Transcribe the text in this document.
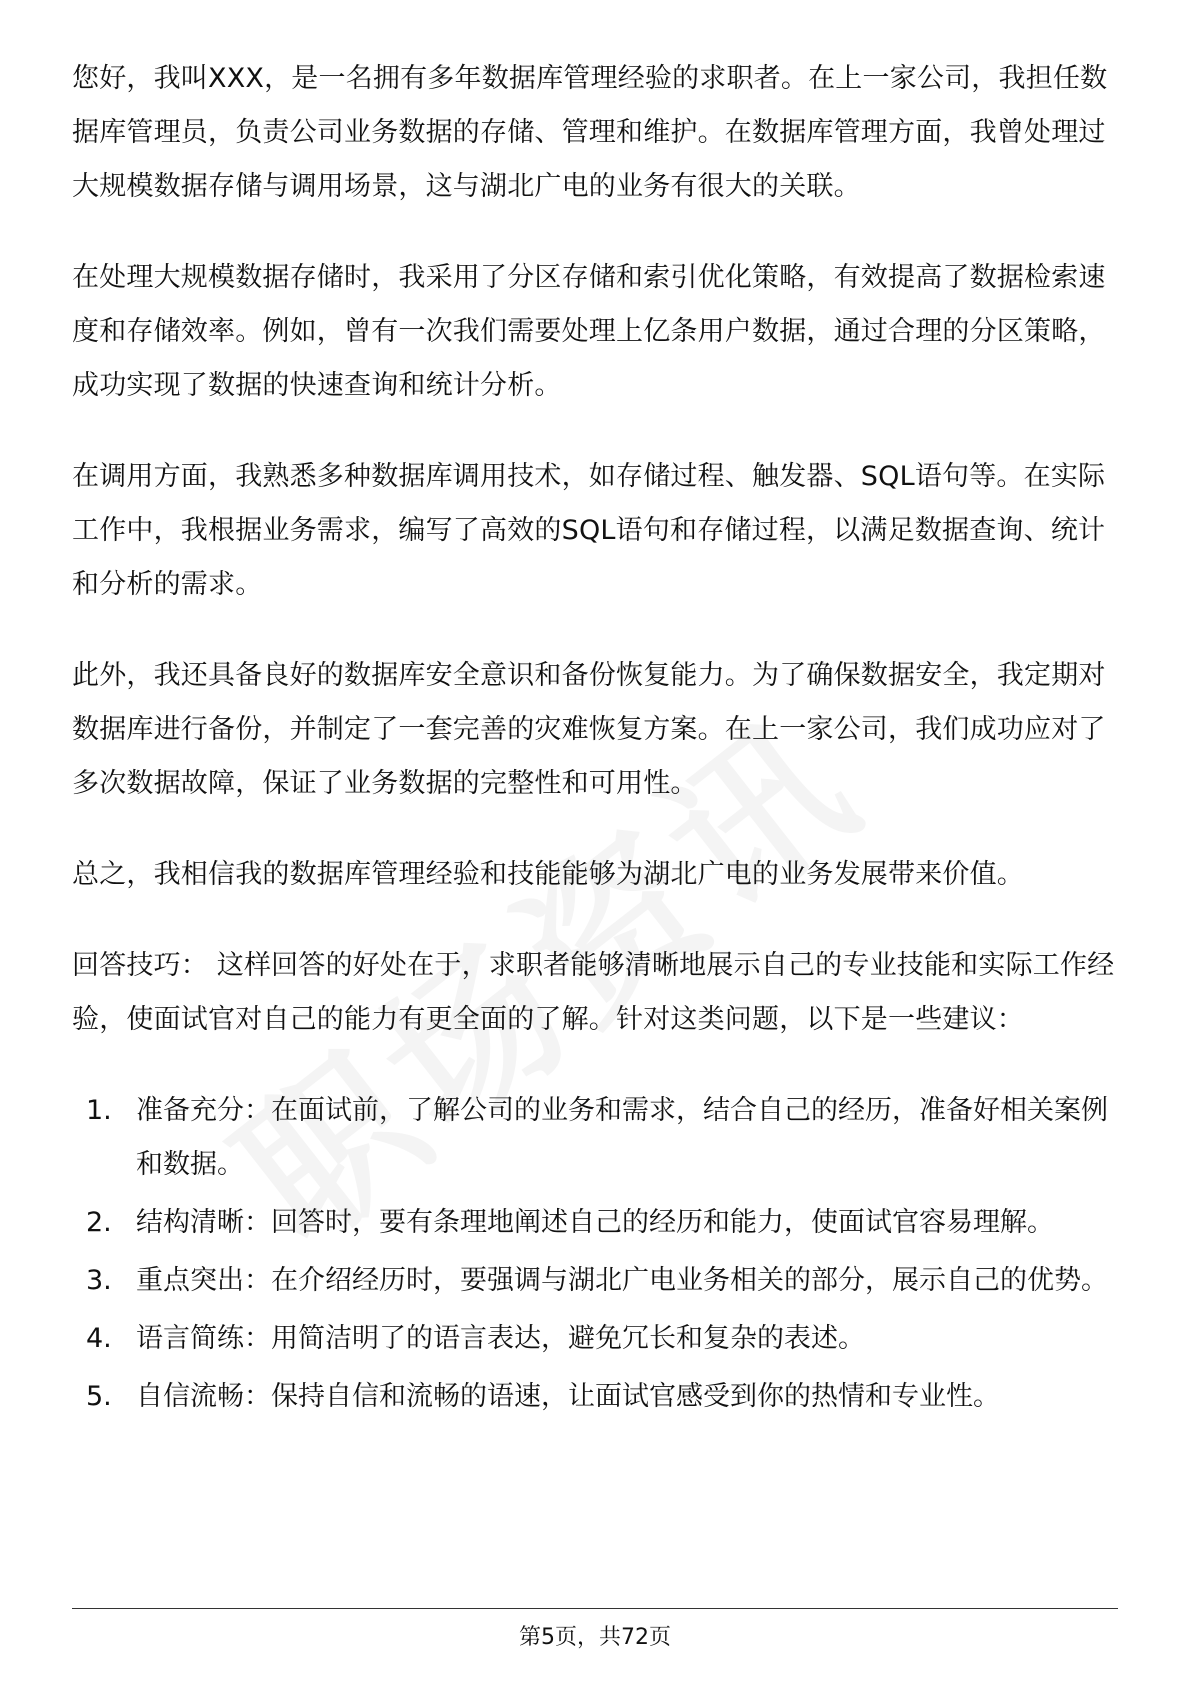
您好，我叫XXX，是一名拥有多年数据库管理经验的求职者。在上一家公司，我担任数据库管理员，负责公司业务数据的存储、管理和维护。在数据库管理方面，我曾处理过大规模数据存储与调用场景，这与湖北广电的业务有很大的关联。

在处理大规模数据存储时，我采用了分区存储和索引优化策略，有效提高了数据检索速度和存储效率。例如，曾有一次我们需要处理上亿条用户数据，通过合理的分区策略，成功实现了数据的快速查询和统计分析。

在调用方面，我熟悉多种数据库调用技术，如存储过程、触发器、SQL语句等。在实际工作中，我根据业务需求，编写了高效的SQL语句和存储过程，以满足数据查询、统计和分析的需求。

此外，我还具备良好的数据库安全意识和备份恢复能力。为了确保数据安全，我定期对数据库进行备份，并制定了一套完善的灾难恢复方案。在上一家公司，我们成功应对了多次数据故障，保证了业务数据的完整性和可用性。

总之，我相信我的数据库管理经验和技能能够为湖北广电的业务发展带来价值。

回答技巧： 这样回答的好处在于，求职者能够清晰地展示自己的专业技能和实际工作经验，使面试官对自己的能力有更全面的了解。针对这类问题，以下是一些建议：

1. 准备充分：在面试前，了解公司的业务和需求，结合自己的经历，准备好相关案例和数据。
2. 结构清晰：回答时，要有条理地阐述自己的经历和能力，使面试官容易理解。
3. 重点突出：在介绍经历时，要强调与湖北广电业务相关的部分，展示自己的优势。
4. 语言简练：用简洁明了的语言表达，避免冗长和复杂的表述。
5. 自信流畅：保持自信和流畅的语速，让面试官感受到你的热情和专业性。
第5页，共72页
